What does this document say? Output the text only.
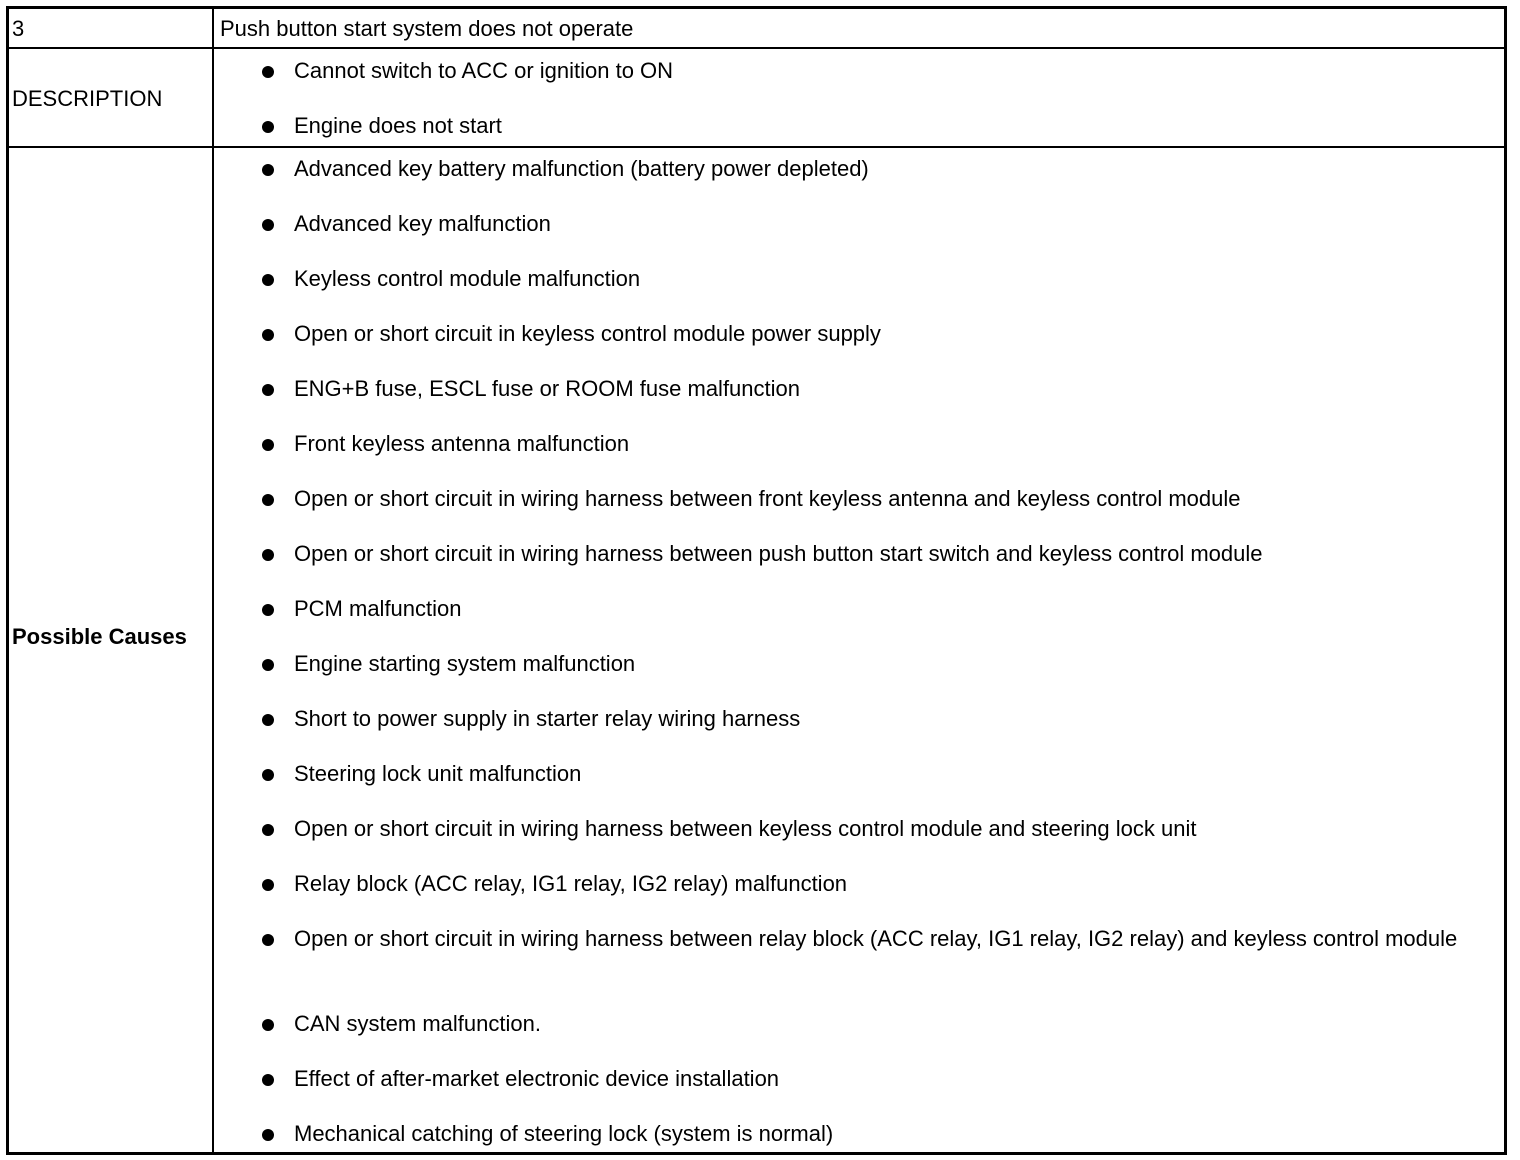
3	Push button start system does not operate
DESCRIPTION
Cannot switch to ACC or ignition to ON
Engine does not start
Possible Causes
Advanced key battery malfunction (battery power depleted)
Advanced key malfunction
Keyless control module malfunction
Open or short circuit in keyless control module power supply
ENG+B fuse, ESCL fuse or ROOM fuse malfunction
Front keyless antenna malfunction
Open or short circuit in wiring harness between front keyless antenna and keyless control module
Open or short circuit in wiring harness between push button start switch and keyless control module
PCM malfunction
Engine starting system malfunction
Short to power supply in starter relay wiring harness
Steering lock unit malfunction
Open or short circuit in wiring harness between keyless control module and steering lock unit
Relay block (ACC relay, IG1 relay, IG2 relay) malfunction
Open or short circuit in wiring harness between relay block (ACC relay, IG1 relay, IG2 relay) and keyless control module
CAN system malfunction.
Effect of after-market electronic device installation
Mechanical catching of steering lock (system is normal)
